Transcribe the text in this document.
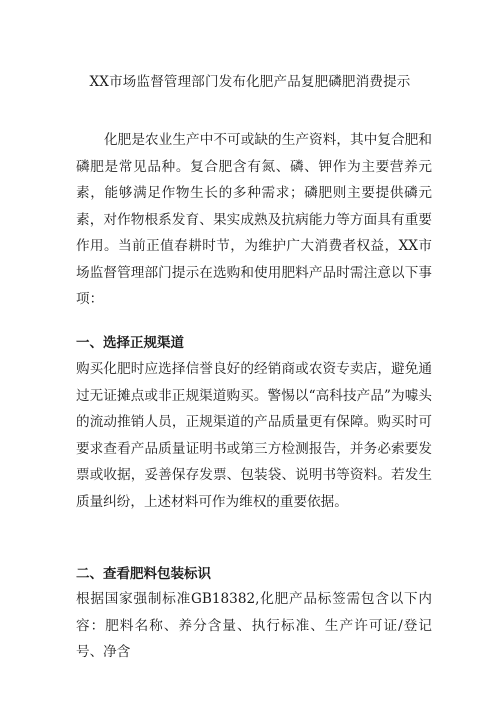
XX市场监督管理部门发布化肥产品复肥磷肥消费提示

化肥是农业生产中不可或缺的生产资料，其中复合肥和磷肥是常见品种。复合肥含有氮、磷、钾作为主要营养元素，能够满足作物生长的多种需求；磷肥则主要提供磷元素，对作物根系发育、果实成熟及抗病能力等方面具有重要作用。当前正值春耕时节，为维护广大消费者权益，XX市场监督管理部门提示在选购和使用肥料产品时需注意以下事项：

一、选择正规渠道

购买化肥时应选择信誉良好的经销商或农资专卖店，避免通过无证摊点或非正规渠道购买。警惕以“高科技产品”为噱头的流动推销人员，正规渠道的产品质量更有保障。购买时可要求查看产品质量证明书或第三方检测报告，并务必索要发票或收据，妥善保存发票、包装袋、说明书等资料。若发生质量纠纷，上述材料可作为维权的重要依据。

二、查看肥料包装标识

根据国家强制标准GB18382,化肥产品标签需包含以下内容：肥料名称、养分含量、执行标准、生产许可证/登记号、净含
